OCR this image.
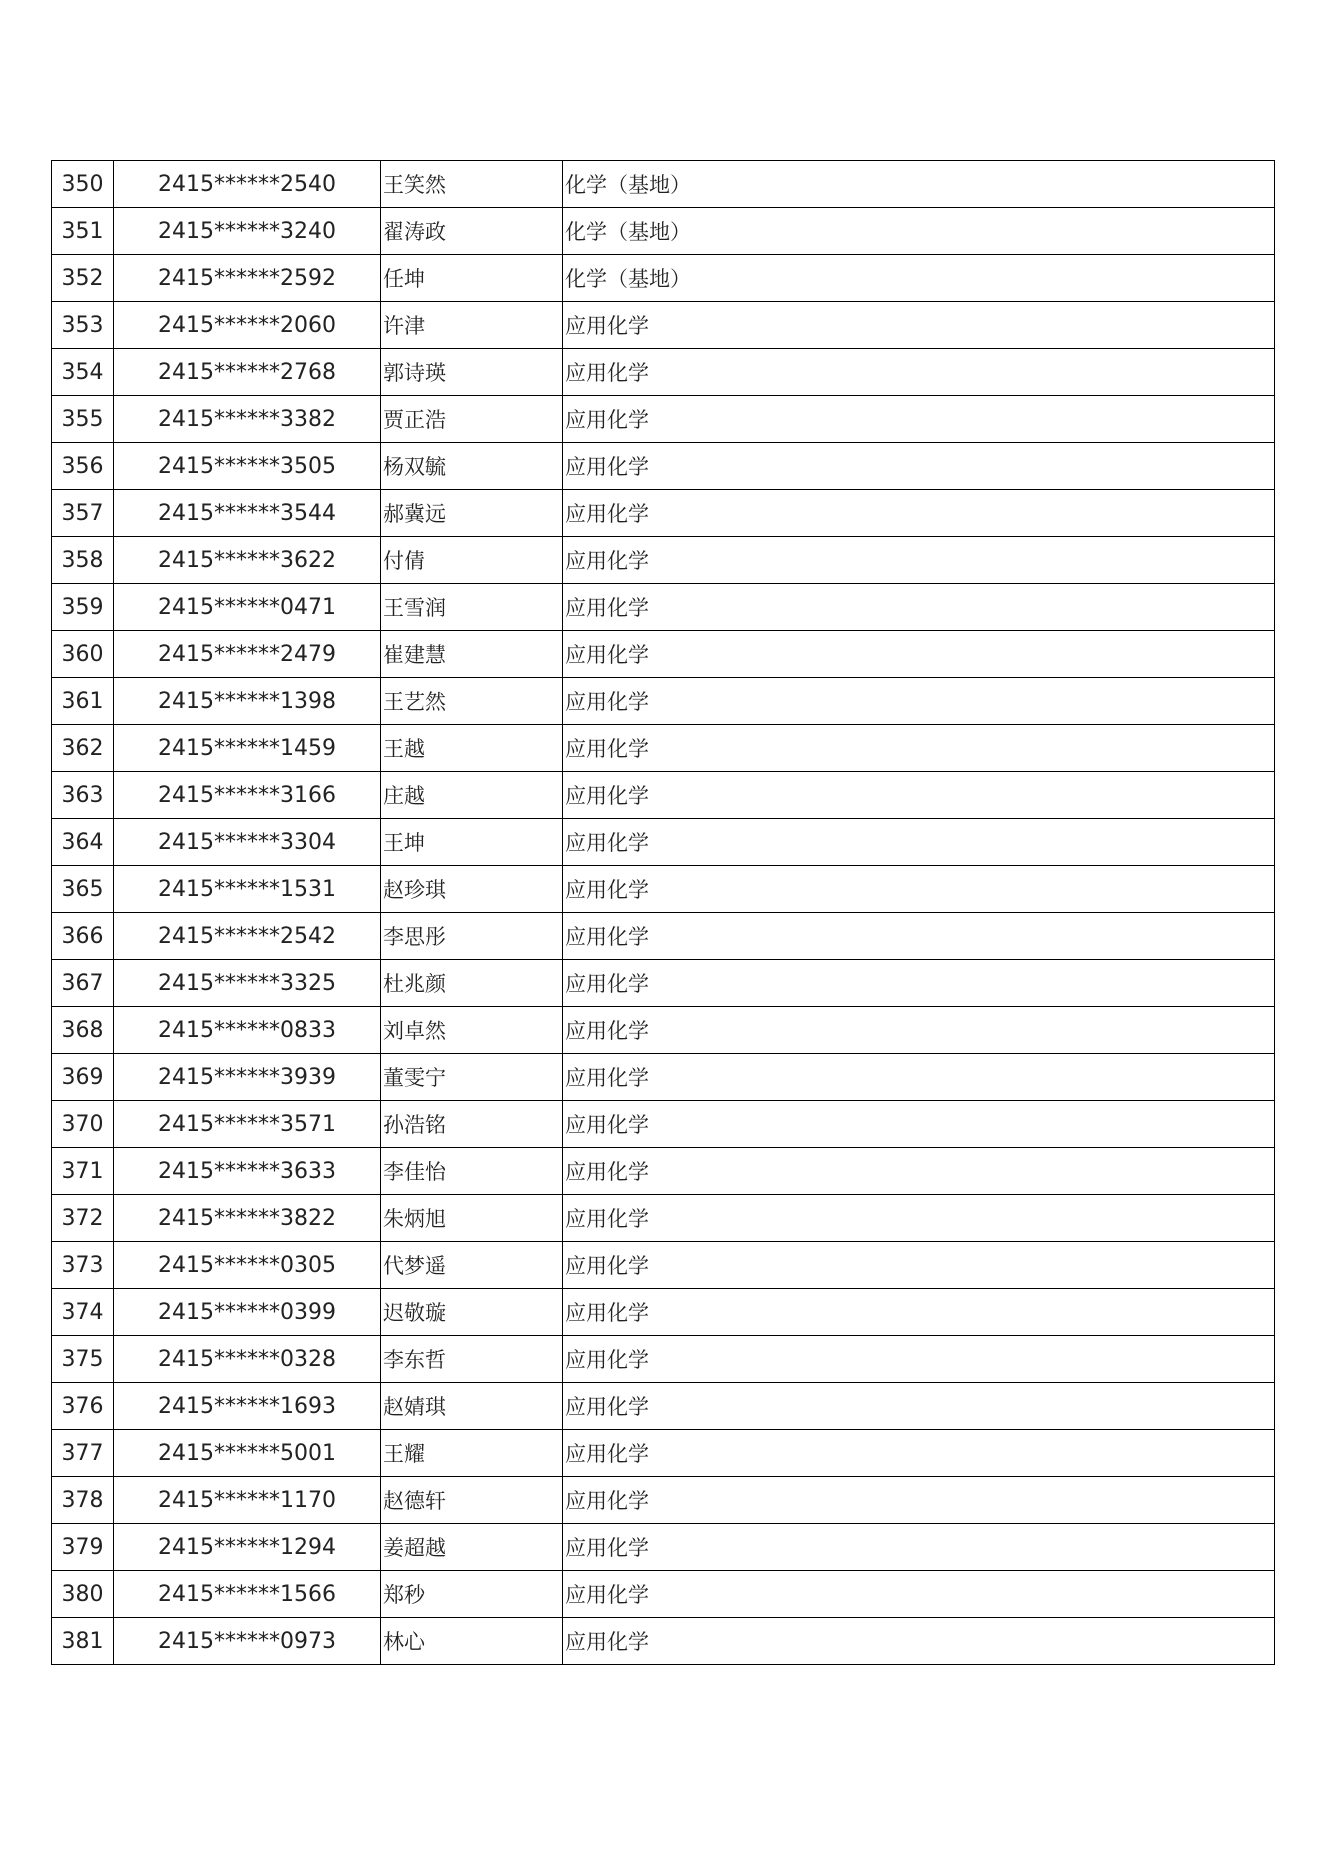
350	2415******2540	王笑然	化学（基地）
351	2415******3240	翟涛政	化学（基地）
352	2415******2592	任坤	化学（基地）
353	2415******2060	许津	应用化学
354	2415******2768	郭诗瑛	应用化学
355	2415******3382	贾正浩	应用化学
356	2415******3505	杨双毓	应用化学
357	2415******3544	郝冀远	应用化学
358	2415******3622	付倩	应用化学
359	2415******0471	王雪润	应用化学
360	2415******2479	崔建慧	应用化学
361	2415******1398	王艺然	应用化学
362	2415******1459	王越	应用化学
363	2415******3166	庄越	应用化学
364	2415******3304	王坤	应用化学
365	2415******1531	赵珍琪	应用化学
366	2415******2542	李思彤	应用化学
367	2415******3325	杜兆颜	应用化学
368	2415******0833	刘卓然	应用化学
369	2415******3939	董雯宁	应用化学
370	2415******3571	孙浩铭	应用化学
371	2415******3633	李佳怡	应用化学
372	2415******3822	朱炳旭	应用化学
373	2415******0305	代梦遥	应用化学
374	2415******0399	迟敬璇	应用化学
375	2415******0328	李东哲	应用化学
376	2415******1693	赵婧琪	应用化学
377	2415******5001	王耀	应用化学
378	2415******1170	赵德轩	应用化学
379	2415******1294	姜超越	应用化学
380	2415******1566	郑秒	应用化学
381	2415******0973	林心	应用化学
